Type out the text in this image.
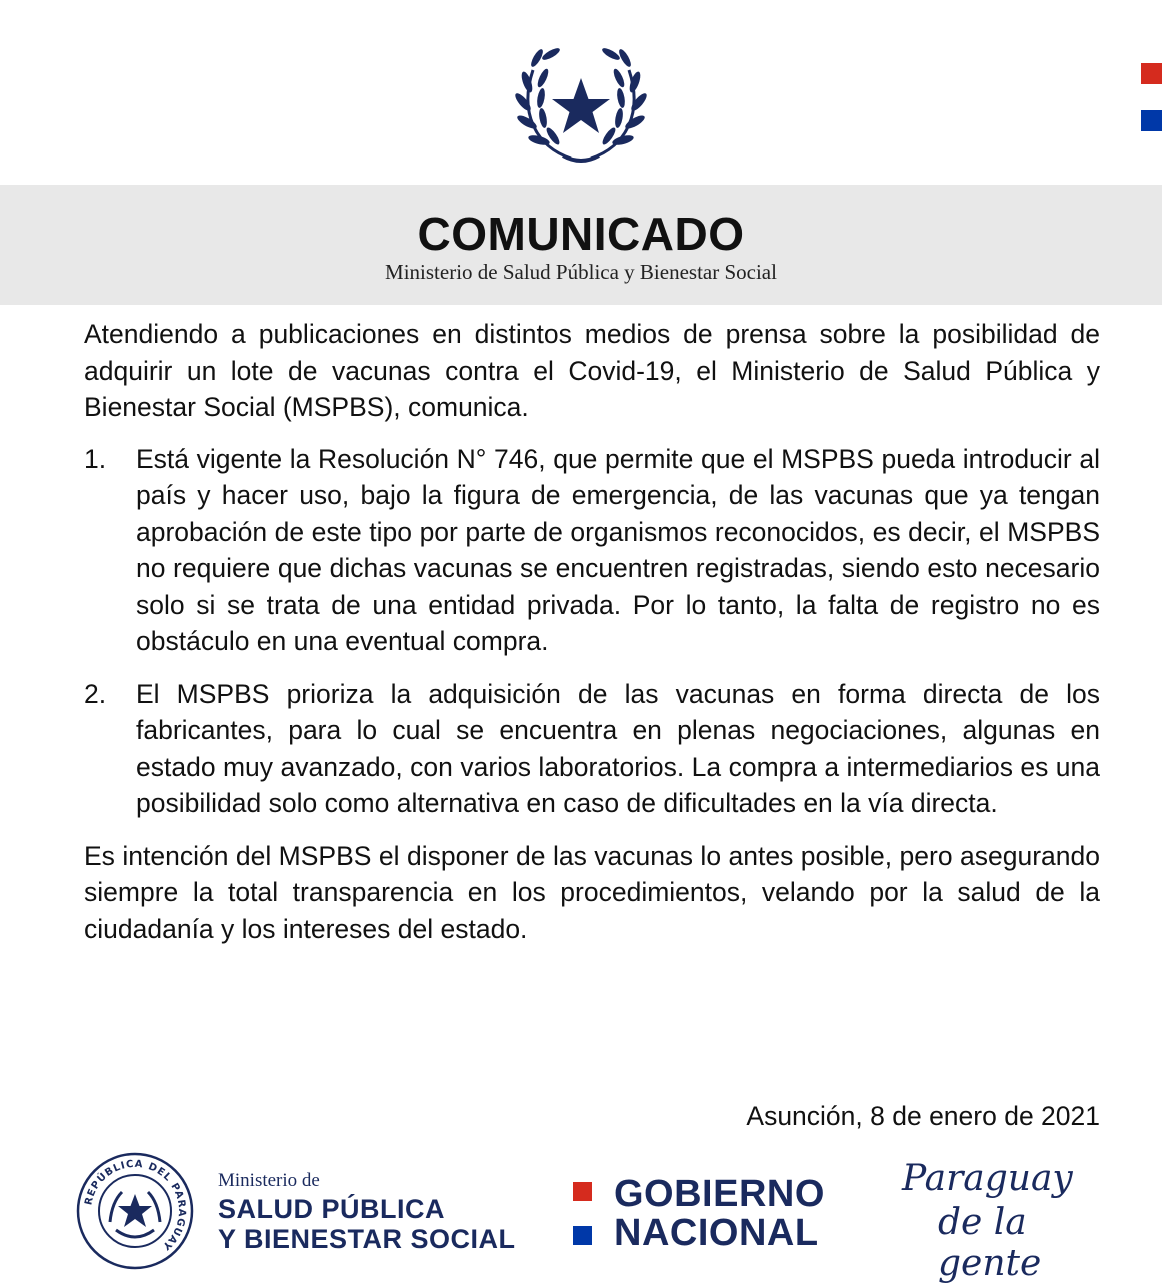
COMUNICADO
Ministerio de Salud Pública y Bienestar Social

Atendiendo a publicaciones en distintos medios de prensa sobre la posibilidad de adquirir un lote de vacunas contra el Covid-19, el Ministerio de Salud Pública y Bienestar Social (MSPBS), comunica.

1. Está vigente la Resolución N° 746, que permite que el MSPBS pueda introducir al país y hacer uso, bajo la figura de emergencia, de las vacunas que ya tengan aprobación de este tipo por parte de organismos reconocidos, es decir, el MSPBS no requiere que dichas vacunas se encuentren registradas, siendo esto necesario solo si se trata de una entidad privada. Por lo tanto, la falta de registro no es obstáculo en una eventual compra.
2. El MSPBS prioriza la adquisición de las vacunas en forma directa de los fabricantes, para lo cual se encuentra en plenas negociaciones, algunas en estado muy avanzado, con varios laboratorios. La compra a intermediarios es una posibilidad solo como alternativa en caso de dificultades en la vía directa.

Es intención del MSPBS el disponer de las vacunas lo antes posible, pero asegurando siempre la total transparencia en los procedimientos, velando por la salud de la ciudadanía y los intereses del estado.

Asunción, 8 de enero de 2021
REPÚBLICA DEL PARAGUAY
Ministerio de
SALUD PÚBLICA
Y BIENESTAR SOCIAL
GOBIERNO
NACIONAL
Paraguay
de la gente
